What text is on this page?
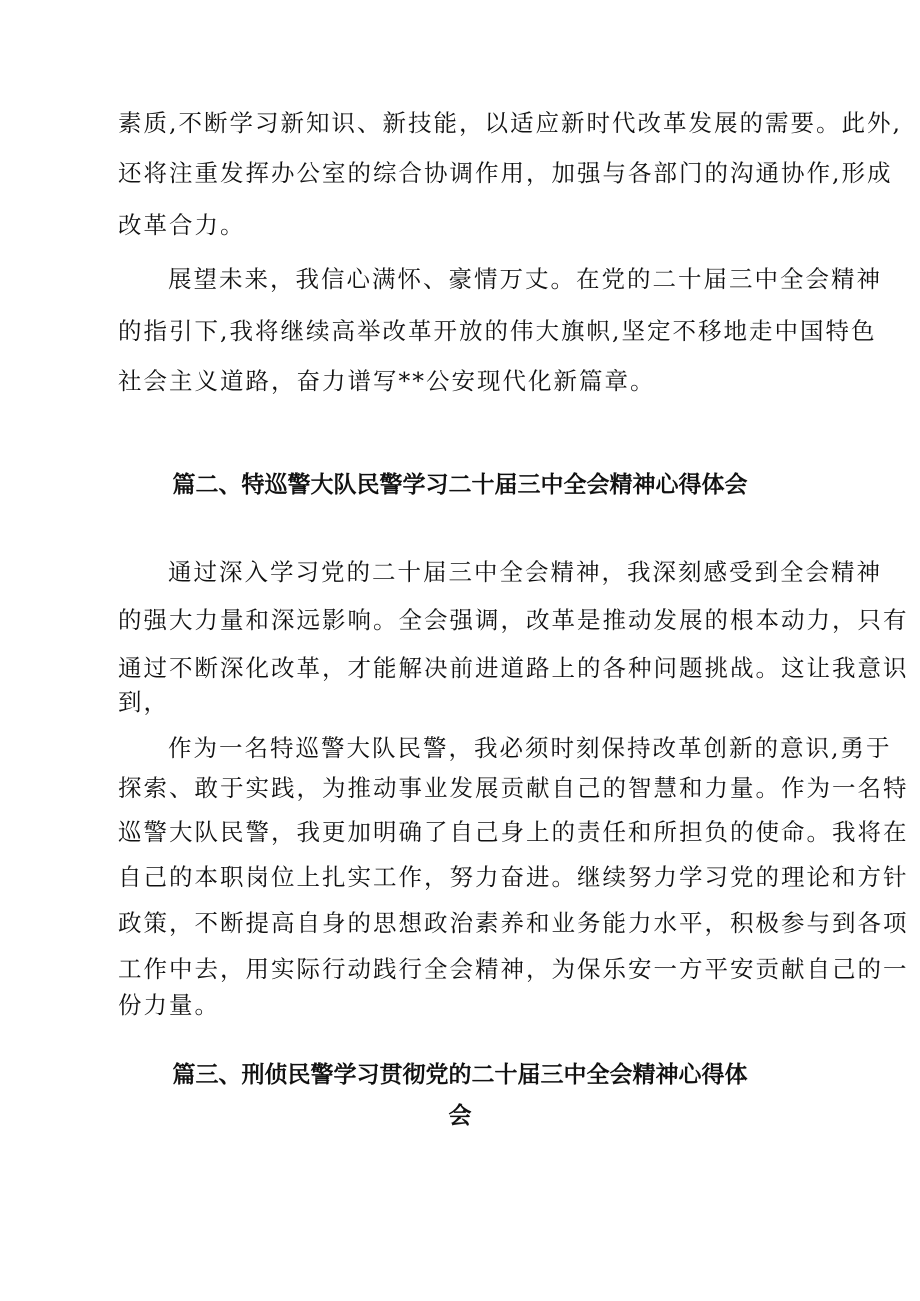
素质,不断学习新知识、新技能，以适应新时代改革发展的需要。此外,
还将注重发挥办公室的综合协调作用，加强与各部门的沟通协作,形成
改革合力。
展望未来，我信心满怀、豪情万丈。在党的二十届三中全会精神
的指引下,我将继续高举改革开放的伟大旗帜,坚定不移地走中国特色
社会主义道路，奋力谱写**公安现代化新篇章。
篇二、特巡警大队民警学习二十届三中全会精神心得体会
通过深入学习党的二十届三中全会精神，我深刻感受到全会精神
的强大力量和深远影响。全会强调，改革是推动发展的根本动力，只有
通过不断深化改革，才能解决前进道路上的各种问题挑战。这让我意识
到，
作为一名特巡警大队民警，我必须时刻保持改革创新的意识,勇于
探索、敢于实践，为推动事业发展贡献自己的智慧和力量。作为一名特
巡警大队民警，我更加明确了自己身上的责任和所担负的使命。我将在
自己的本职岗位上扎实工作，努力奋进。继续努力学习党的理论和方针
政策，不断提高自身的思想政治素养和业务能力水平，积极参与到各项
工作中去，用实际行动践行全会精神，为保乐安一方平安贡献自己的一
份力量。
篇三、刑侦民警学习贯彻党的二十届三中全会精神心得体
会
